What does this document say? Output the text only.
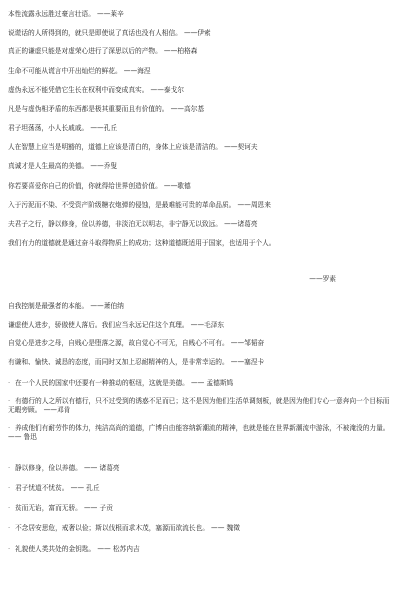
本性流露永远胜过豪言壮语。 ——莱辛
说谎话的人所得到的，就只是即使说了真话也没有人相信。 ——伊索
真正的谦虚只能是对虚荣心进行了深思以后的产物。 ——柏格森
生命不可能从谎言中开出灿烂的鲜花。 ——海涅
虚伪永远不能凭借它生长在权利中而变成真实。 ——泰戈尔
凡是与虚伪相矛盾的东西都是极其重要而且有价值的。 ——高尔基
君子坦荡荡，小人长戚戚。 ——孔丘
人在智慧上应当是明豁的，道德上应该是清白的，身体上应该是清洁的。 ——契诃夫
真诚才是人生最高的美德。 ——乔叟
你若要喜爱你自己的价值，你就得给世界创造价值。 ——歌德
入于污泥而不染、不受资产阶级糖衣炮弹的侵蚀，是最难能可贵的革命品质。 ——周恩来
夫君子之行，静以修身，俭以养德，非淡泊无以明志，非宁静无以致远。 ——诸葛亮
我们有力的道德就是通过奋斗取得物质上的成功；这种道德既适用于国家，也适用于个人。
——罗素
自我控制是最强者的本能。 ——萧伯纳
谦虚使人进步，骄傲使人落后。我们应当永远记住这个真理。 ——毛泽东
自觉心是进步之母，自贱心是堕落之源，故自觉心不可无，自贱心不可有。 ——邹韬奋
有谦和、愉快、诚恳的态度，而同时又加上忍耐精神的人，是非常幸运的。 ——塞涅卡
· 在一个人民的国家中还要有一种推动的枢纽，这就是美德。 —— 孟德斯鸠
· 有德行的人之所以有德行，只不过受到的诱惑不足而已；这不是因为他们生活单调刻板，就是因为他们专心一意奔向一个目标而无暇旁顾。 ——邓肯
· 养成他们有耐劳作的体力，纯洁高尚的道德，广博自由能容纳新潮流的精神，也就是能在世界新潮流中游泳，不被淹没的力量。 —— 鲁迅
· 静以修身，俭以养德。 —— 诸葛亮
· 君子忧道不忧贫。 —— 孔丘
· 贫而无谄，富而无骄。 —— 子贡
· 不念居安思危，戒奢以俭；斯以伐根而求木茂，塞源而欲流长也。 —— 魏徵
· 礼貌使人类共处的金钥匙。 —— 松苏内吉
